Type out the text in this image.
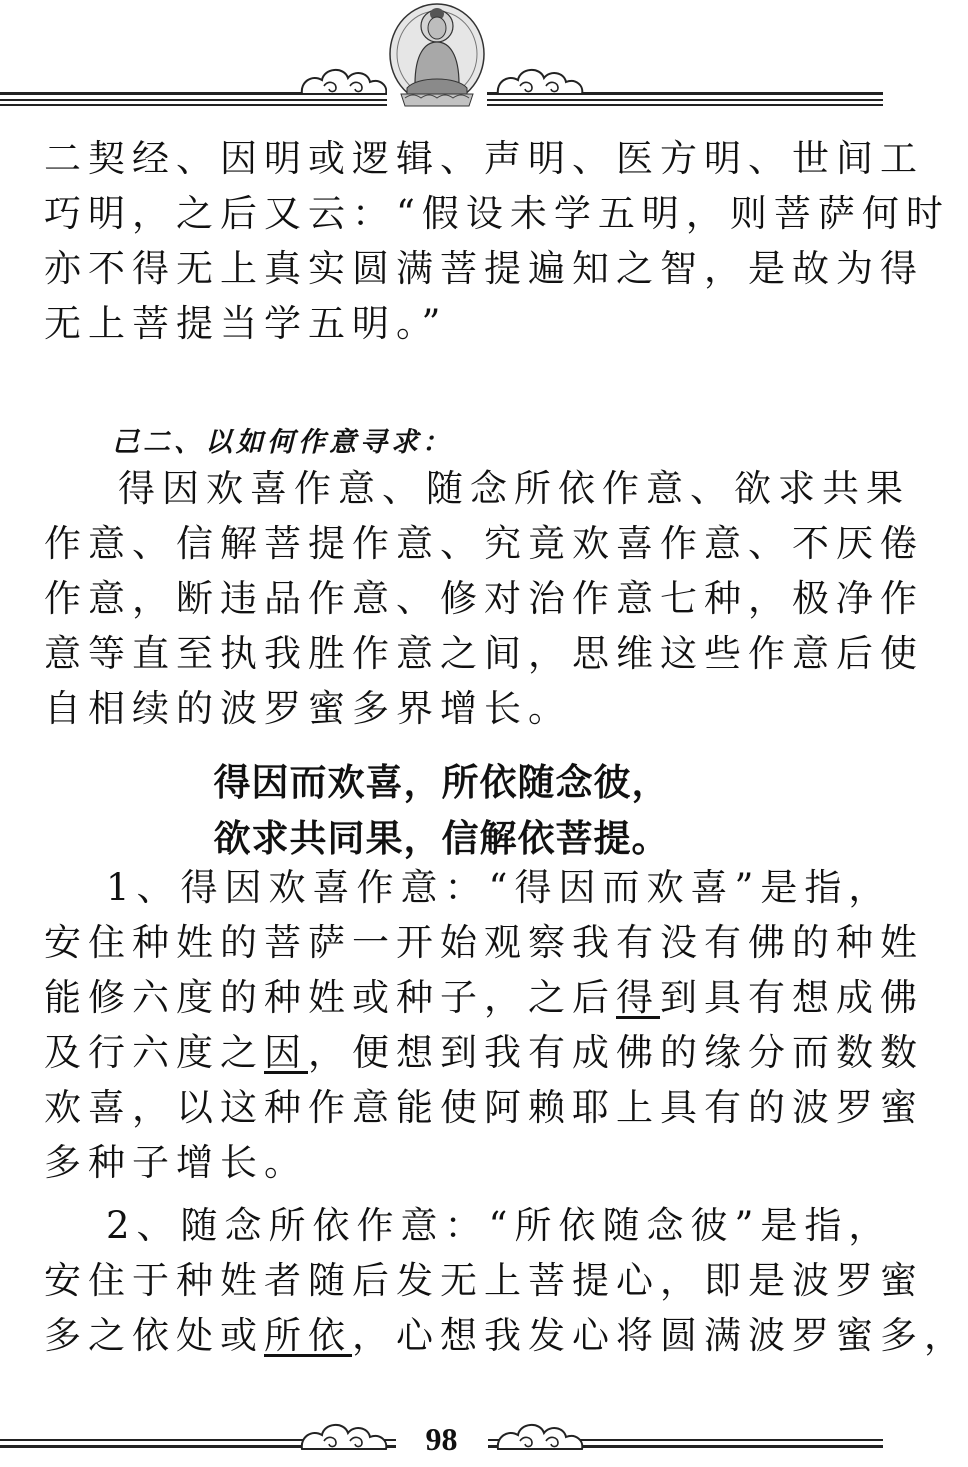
二契经、因明或逻辑、声明、医方明、世间工
巧明，之后又云：“假设未学五明，则菩萨何时
亦不得无上真实圆满菩提遍知之智，是故为得
无上菩提当学五明。”
己二、以如何作意寻求：
得因欢喜作意、随念所依作意、欲求共果
作意、信解菩提作意、究竟欢喜作意、不厌倦
作意，断违品作意、修对治作意七种，极净作
意等直至执我胜作意之间，思维这些作意后使
自相续的波罗蜜多界增长。
得因而欢喜，所依随念彼，
欲求共同果，信解依菩提。
1、得因欢喜作意：“得因而欢喜”是指，
安住种姓的菩萨一开始观察我有没有佛的种姓
能修六度的种姓或种子，之后得到具有想成佛
及行六度之因，便想到我有成佛的缘分而数数
欢喜，以这种作意能使阿赖耶上具有的波罗蜜
多种子增长。
2、随念所依作意：“所依随念彼”是指，
安住于种姓者随后发无上菩提心，即是波罗蜜
多之依处或所依，心想我发心将圆满波罗蜜多，
98
